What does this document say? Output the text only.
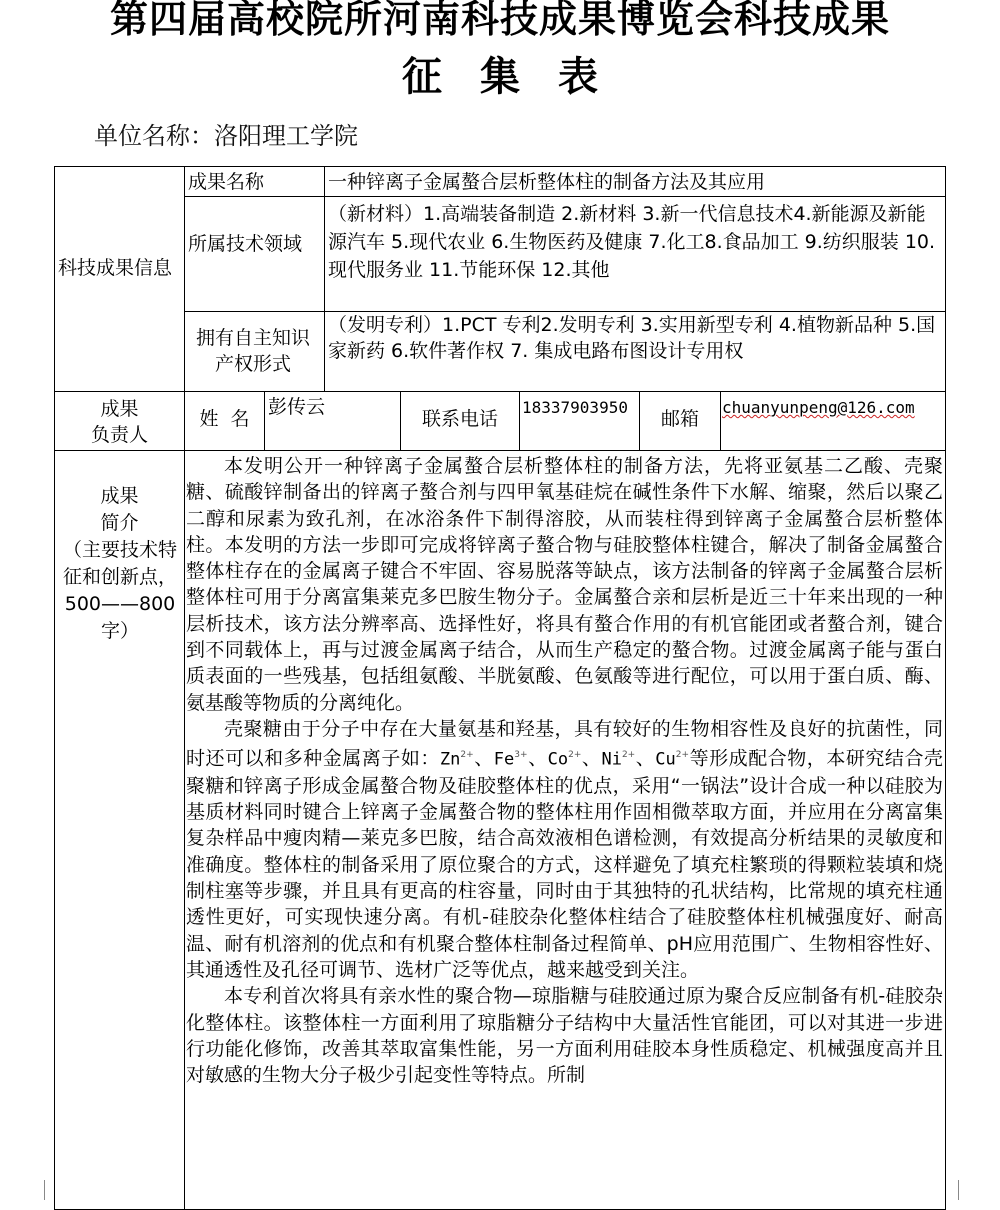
第四届高校院所河南科技成果博览会科技成果
征集表
单位名称：洛阳理工学院
科技成果信息
成果名称	一种锌离子金属螯合层析整体柱的制备方法及其应用
所属技术领域
（新材料）1.高端装备制造 2.新材料 3.新一代信息技术4.新能源及新能源汽车 5.现代农业 6.生物医药及健康 7.化工8.食品加工 9.纺织服装 10.现代服务业 11.节能环保 12.其他
拥有自主知识产权形式
（发明专利）1.PCT 专利2.发明专利 3.实用新型专利 4.植物新品种 5.国家新药 6.软件著作权 7. 集成电路布图设计专用权
成果
负责人
姓  名
彭传云
联系电话
18337903950
邮箱
chuanyunpeng@126.com
成果
简介
（主要技术特征和创新点，500——800字）

本发明公开一种锌离子金属螯合层析整体柱的制备方法，先将亚氨基二乙酸、壳聚糖、硫酸锌制备出的锌离子螯合剂与四甲氧基硅烷在碱性条件下水解、缩聚，然后以聚乙二醇和尿素为致孔剂，在冰浴条件下制得溶胶，从而装柱得到锌离子金属螯合层析整体柱。本发明的方法一步即可完成将锌离子螯合物与硅胶整体柱键合，解决了制备金属螯合整体柱存在的金属离子键合不牢固、容易脱落等缺点，该方法制备的锌离子金属螯合层析整体柱可用于分离富集莱克多巴胺生物分子。金属螯合亲和层析是近三十年来出现的一种层析技术，该方法分辨率高、选择性好，将具有螯合作用的有机官能团或者螯合剂，键合到不同载体上，再与过渡金属离子结合，从而生产稳定的螯合物。过渡金属离子能与蛋白质表面的一些残基，包括组氨酸、半胱氨酸、色氨酸等进行配位，可以用于蛋白质、酶、氨基酸等物质的分离纯化。

壳聚糖由于分子中存在大量氨基和羟基，具有较好的生物相容性及良好的抗菌性，同时还可以和多种金属离子如：$Zn^{2+}$、$Fe^{3+}$、$Co^{2+}$、$Ni^{2+}$、$Cu^{2+}$等形成配合物，本研究结合壳聚糖和锌离子形成金属螯合物及硅胶整体柱的优点，采用“一锅法”设计合成一种以硅胶为基质材料同时键合上锌离子金属螯合物的整体柱用作固相微萃取方面，并应用在分离富集复杂样品中瘦肉精—莱克多巴胺，结合高效液相色谱检测，有效提高分析结果的灵敏度和准确度。整体柱的制备采用了原位聚合的方式，这样避免了填充柱繁琐的得颗粒装填和烧制柱塞等步骤，并且具有更高的柱容量，同时由于其独特的孔状结构，比常规的填充柱通透性更好，可实现快速分离。有机-硅胶杂化整体柱结合了硅胶整体柱机械强度好、耐高温、耐有机溶剂的优点和有机聚合整体柱制备过程简单、pH应用范围广、生物相容性好、其通透性及孔径可调节、选材广泛等优点，越来越受到关注。

本专利首次将具有亲水性的聚合物—琼脂糖与硅胶通过原为聚合反应制备有机-硅胶杂化整体柱。该整体柱一方面利用了琼脂糖分子结构中大量活性官能团，可以对其进一步进行功能化修饰，改善其萃取富集性能，另一方面利用硅胶本身性质稳定、机械强度高并且对敏感的生物大分子极少引起变性等特点。所制
